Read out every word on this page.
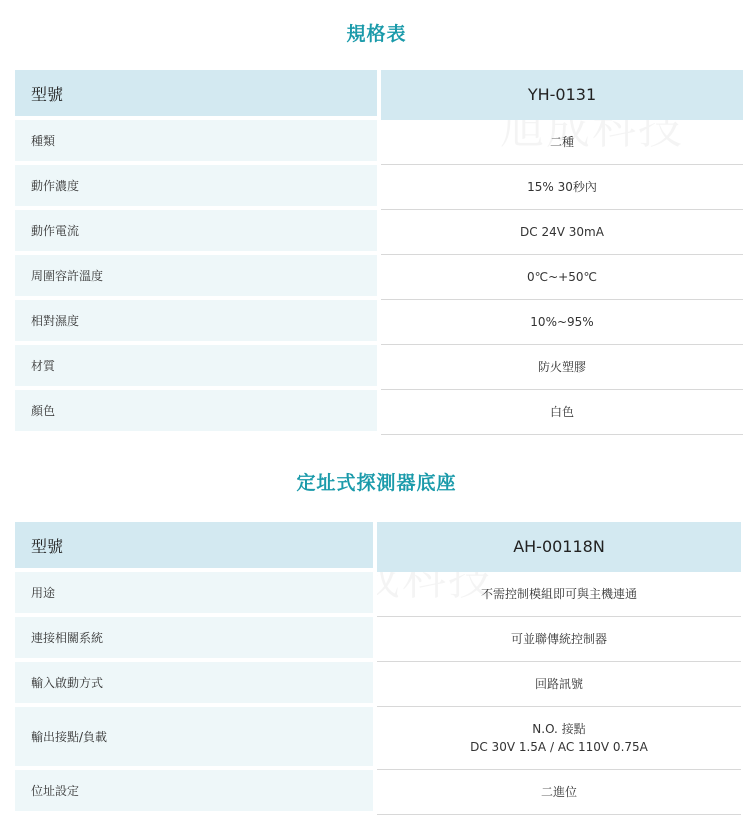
規格表
型號	YH-0131
種類	二種
動作濃度	15% 30秒內
動作電流	DC 24V 30mA
周圍容許溫度	0℃~+50℃
相對濕度	10%~95%
材質	防火塑膠
顏色	白色
定址式探測器底座
型號	AH-00118N
用途	不需控制模組即可與主機連通
連接相關系統	可並聯傳統控制器
輸入啟動方式	回路訊號
輸出接點/負載	N.O. 接點
DC 30V 1.5A / AC 110V 0.75A

位址設定	二進位
